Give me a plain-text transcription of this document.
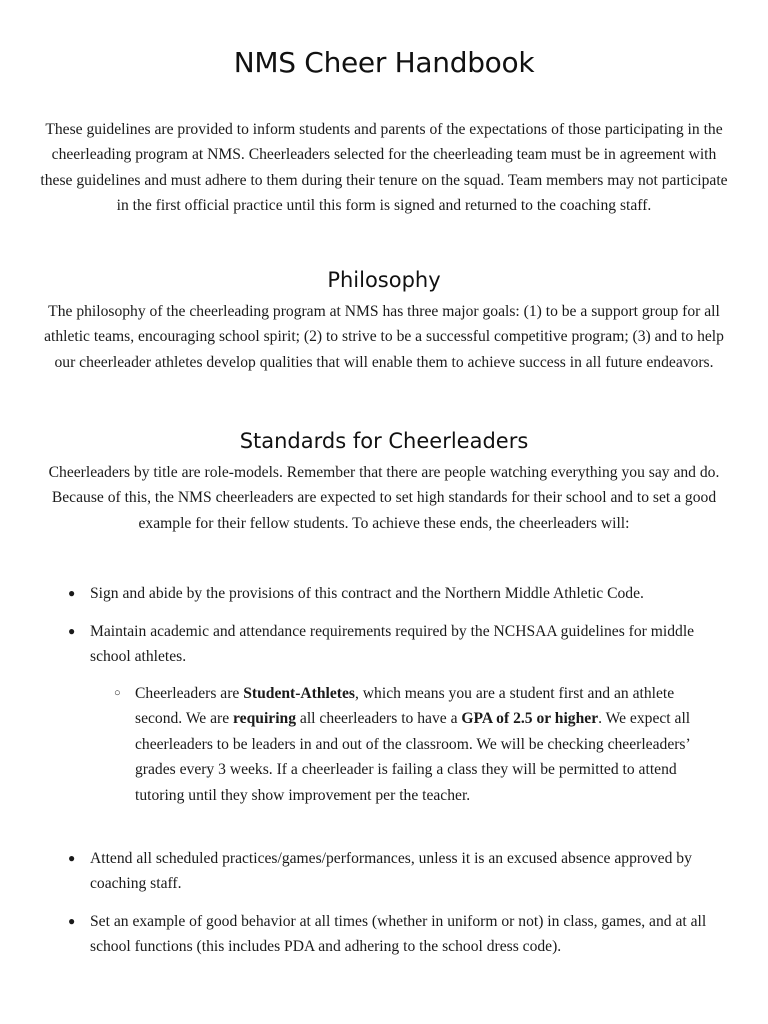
NMS Cheer Handbook
These guidelines are provided to inform students and parents of the expectations of those participating in the cheerleading program at NMS. Cheerleaders selected for the cheerleading team must be in agreement with these guidelines and must adhere to them during their tenure on the squad. Team members may not participate in the first official practice until this form is signed and returned to the coaching staff.
Philosophy
The philosophy of the cheerleading program at NMS has three major goals: (1) to be a support group for all athletic teams, encouraging school spirit; (2) to strive to be a successful competitive program; (3) and to help our cheerleader athletes develop qualities that will enable them to achieve success in all future endeavors.
Standards for Cheerleaders
Cheerleaders by title are role-models. Remember that there are people watching everything you say and do. Because of this, the NMS cheerleaders are expected to set high standards for their school and to set a good example for their fellow students. To achieve these ends, the cheerleaders will:
● Sign and abide by the provisions of this contract and the Northern Middle Athletic Code.
● Maintain academic and attendance requirements required by the NCHSAA guidelines for middle school athletes.
○ Cheerleaders are Student-Athletes, which means you are a student first and an athlete second. We are requiring all cheerleaders to have a GPA of 2.5 or higher. We expect all cheerleaders to be leaders in and out of the classroom. We will be checking cheerleaders’ grades every 3 weeks. If a cheerleader is failing a class they will be permitted to attend tutoring until they show improvement per the teacher.
● Attend all scheduled practices/games/performances, unless it is an excused absence approved by coaching staff.
● Set an example of good behavior at all times (whether in uniform or not) in class, games, and at all school functions (this includes PDA and adhering to the school dress code).
